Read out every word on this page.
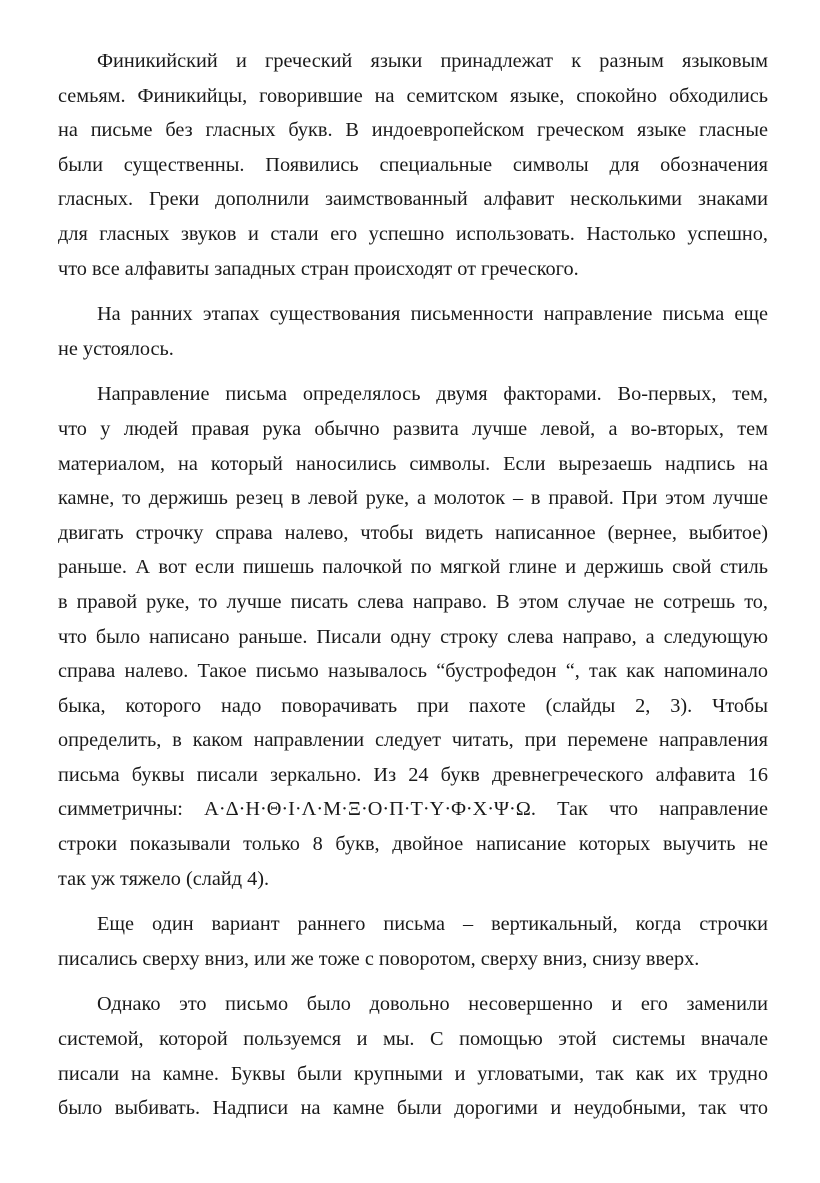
Финикийский и греческий языки принадлежат к разным языковым
семьям. Финикийцы, говорившие на семитском языке, спокойно обходились
на письме без гласных букв. В индоевропейском греческом языке гласные
были существенны. Появились специальные символы для обозначения
гласных. Греки дополнили заимствованный алфавит несколькими знаками
для гласных звуков и стали его успешно использовать. Настолько успешно,
что все алфавиты западных стран происходят от греческого.
На ранних этапах существования письменности направление письма еще
не устоялось.
Направление письма определялось двумя факторами. Во-первых, тем,
что у людей правая рука обычно развита лучше левой, а во-вторых, тем
материалом, на который наносились символы. Если вырезаешь надпись на
камне, то держишь резец в левой руке, а молоток – в правой. При этом лучше
двигать строчку справа налево, чтобы видеть написанное (вернее, выбитое)
раньше. А вот если пишешь палочкой по мягкой глине и держишь свой стиль
в правой руке, то лучше писать слева направо. В этом случае не сотрешь то,
что было написано раньше. Писали одну строку слева направо, а следующую
справа налево. Такое письмо называлось “бустрофедон “, так как напоминало
быка, которого надо поворачивать при пахоте (слайды 2, 3). Чтобы
определить, в каком направлении следует читать, при перемене направления
письма буквы писали зеркально. Из 24 букв древнегреческого алфавита 16
симметричны: Α·Δ·Η·Θ·Ι·Λ·Μ·Ξ·Ο·Π·Τ·Υ·Φ·Χ·Ψ·Ω. Так что направление
строки показывали только 8 букв, двойное написание которых выучить не
так уж тяжело (слайд 4).
Еще один вариант раннего письма – вертикальный, когда строчки
писались сверху вниз, или же тоже с поворотом, сверху вниз, снизу вверх.
Однако это письмо было довольно несовершенно и его заменили
системой, которой пользуемся и мы. С помощью этой системы вначале
писали на камне. Буквы были крупными и угловатыми, так как их трудно
было выбивать. Надписи на камне были дорогими и неудобными, так что
